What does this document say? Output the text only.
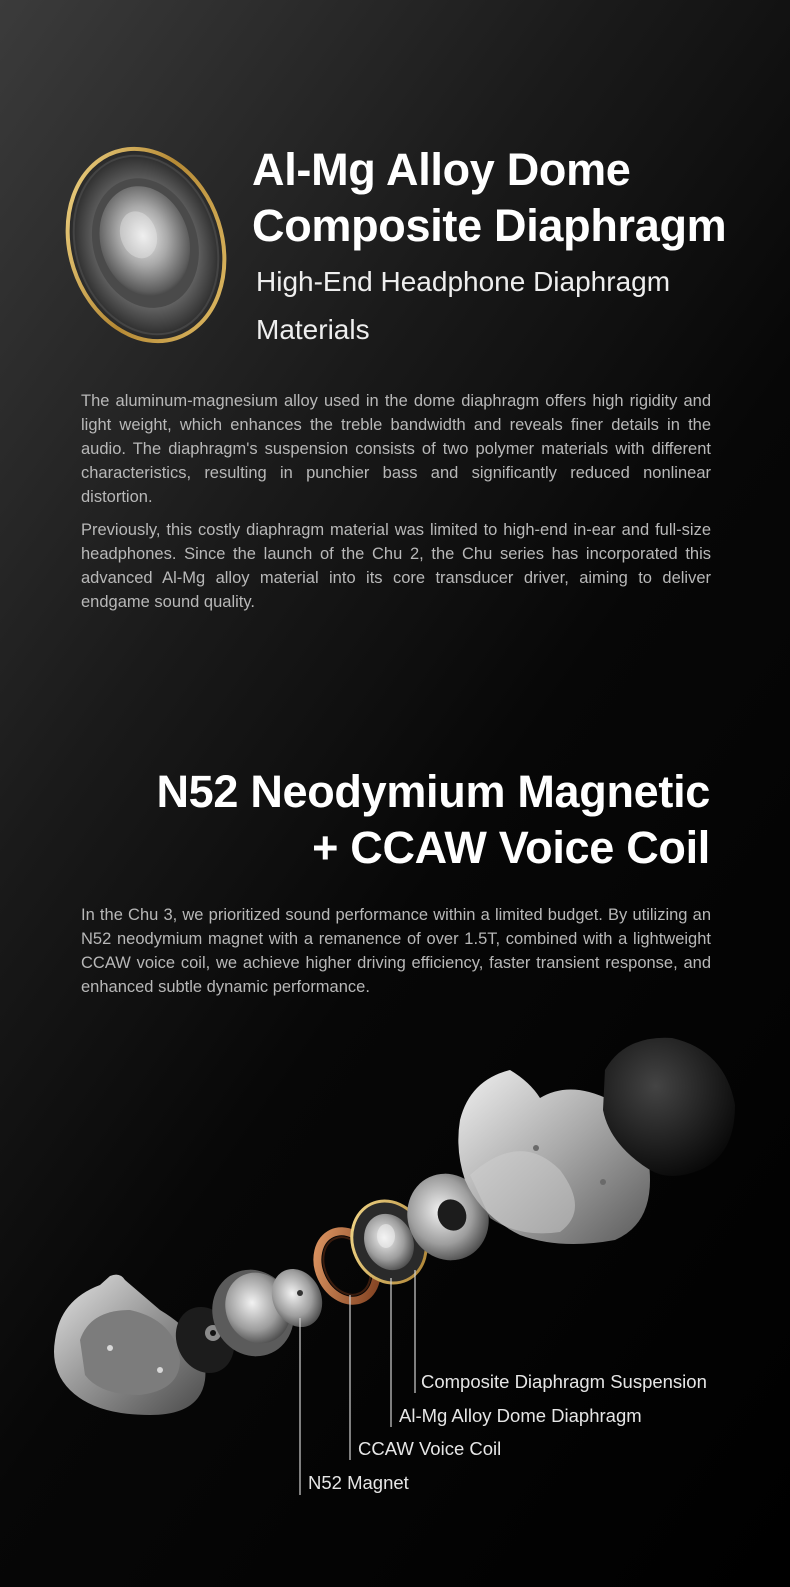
Al-Mg Alloy Dome
Composite Diaphragm
High-End Headphone Diaphragm
Materials

The aluminum-magnesium alloy used in the dome diaphragm offers high rigidity and light weight, which enhances the treble bandwidth and reveals finer details in the audio. The diaphragm's suspension consists of two polymer materials with different characteristics, resulting in punchier bass and significantly reduced nonlinear distortion.

Previously, this costly diaphragm material was limited to high-end in-ear and full-size headphones. Since the launch of the Chu 2, the Chu series has incorporated this advanced Al-Mg alloy material into its core transducer driver, aiming to deliver endgame sound quality.

N52 Neodymium Magnetic
+ CCAW Voice Coil

In the Chu 3, we prioritized sound performance within a limited budget. By utilizing an N52 neodymium magnet with a remanence of over 1.5T, combined with a lightweight CCAW voice coil, we achieve higher driving efficiency, faster transient response, and enhanced subtle dynamic performance.

Composite Diaphragm Suspension
Al-Mg Alloy Dome Diaphragm
CCAW Voice Coil
N52 Magnet
